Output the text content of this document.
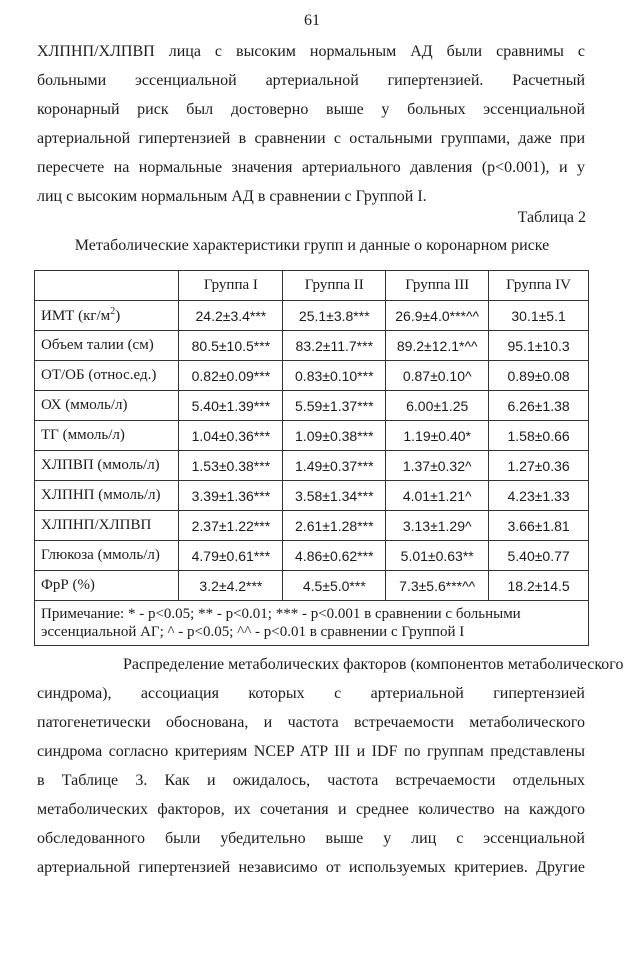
61
ХЛПНП/ХЛПВП лица с высоким нормальным АД были сравнимы с
больными эссенциальной артериальной гипертензией. Расчетный
коронарный риск был достоверно выше у больных эссенциальной
артериальной гипертензией в сравнении с остальными группами, даже при
пересчете на нормальные значения артериального давления (p<0.001), и у
лиц с высоким нормальным АД в сравнении с Группой I.
Таблица 2
Метаболические характеристики групп и данные о коронарном риске
	Группа I	Группа II	Группа III	Группа IV
ИМТ $(кг/м^2)$	24.2±3.4***	25.1±3.8***	26.9±4.0***^^	30.1±5.1
Объем талии (см)	80.5±10.5***	83.2±11.7***	89.2±12.1*^^	95.1±10.3
ОТ/ОБ (относ.ед.)	0.82±0.09***	0.83±0.10***	0.87±0.10^	0.89±0.08
ОХ (ммоль/л)	5.40±1.39***	5.59±1.37***	6.00±1.25	6.26±1.38
ТГ (ммоль/л)	1.04±0.36***	1.09±0.38***	1.19±0.40*	1.58±0.66
ХЛПВП (ммоль/л)	1.53±0.38***	1.49±0.37***	1.37±0.32^	1.27±0.36
ХЛПНП (ммоль/л)	3.39±1.36***	3.58±1.34***	4.01±1.21^	4.23±1.33
ХЛПНП/ХЛПВП	2.37±1.22***	2.61±1.28***	3.13±1.29^	3.66±1.81
Глюкоза (ммоль/л)	4.79±0.61***	4.86±0.62***	5.01±0.63**	5.40±0.77
ФрР (%)	3.2±4.2***	4.5±5.0***	7.3±5.6***^^	18.2±14.5
Примечание: * - p<0.05; ** - p<0.01; *** - p<0.001 в сравнении с больными
эссенциальной АГ; ^ - p<0.05; ^^ - p<0.01 в сравнении с Группой I				
Распределение метаболических факторов (компонентов метаболического
синдрома), ассоциация которых с артериальной гипертензией
патогенетически обоснована, и частота встречаемости метаболического
синдрома согласно критериям NCEP ATP III и IDF по группам представлены
в Таблице 3. Как и ожидалось, частота встречаемости отдельных
метаболических факторов, их сочетания и среднее количество на каждого
обследованного были убедительно выше у лиц с эссенциальной
артериальной гипертензией независимо от используемых критериев. Другие
